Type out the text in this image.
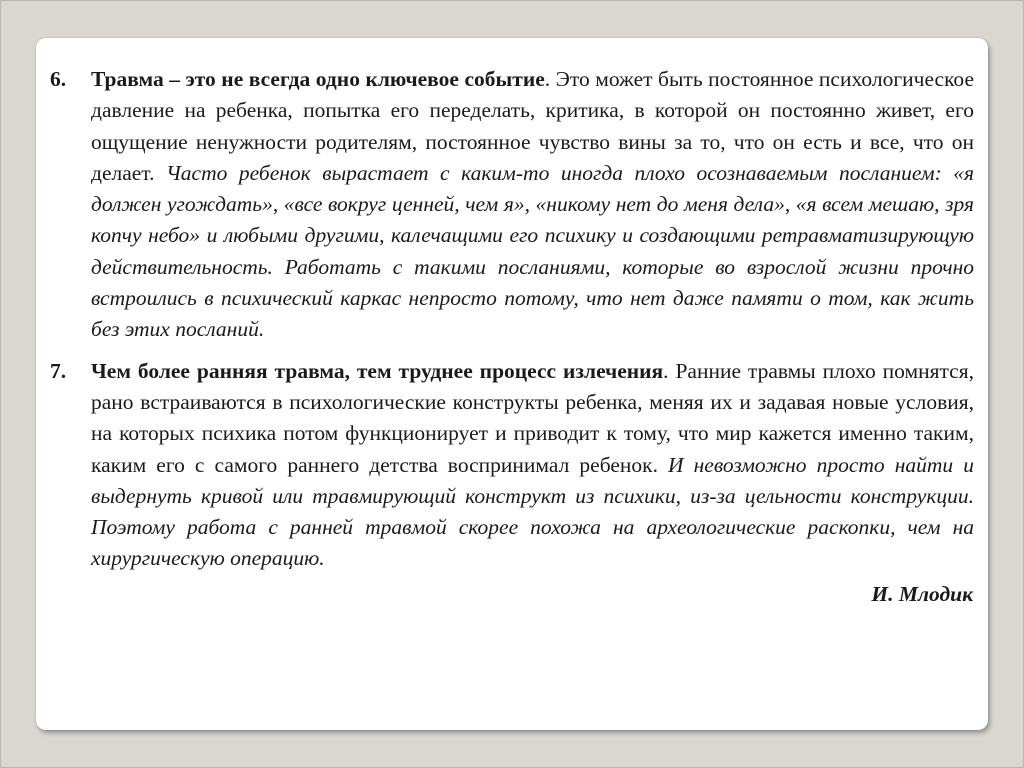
6. Травма – это не всегда одно ключевое событие. Это может быть постоянное психологическое давление на ребенка, попытка его переделать, критика, в которой он постоянно живет, его ощущение ненужности родителям, постоянное чувство вины за то, что он есть и все, что он делает. Часто ребенок вырастает с каким-то иногда плохо осознаваемым посланием: «я должен угождать», «все вокруг ценней, чем я», «никому нет до меня дела», «я всем мешаю, зря копчу небо» и любыми другими, калечащими его психику и создающими ретравматизирующую действительность. Работать с такими посланиями, которые во взрослой жизни прочно встроились в психический каркас непросто потому, что нет даже памяти о том, как жить без этих посланий.
7. Чем более ранняя травма, тем труднее процесс излечения. Ранние травмы плохо помнятся, рано встраиваются в психологические конструкты ребенка, меняя их и задавая новые условия, на которых психика потом функционирует и приводит к тому, что мир кажется именно таким, каким его с самого раннего детства воспринимал ребенок. И невозможно просто найти и выдернуть кривой или травмирующий конструкт из психики, из-за цельности конструкции. Поэтому работа с ранней травмой скорее похожа на археологические раскопки, чем на хирургическую операцию.
И. Млодик
